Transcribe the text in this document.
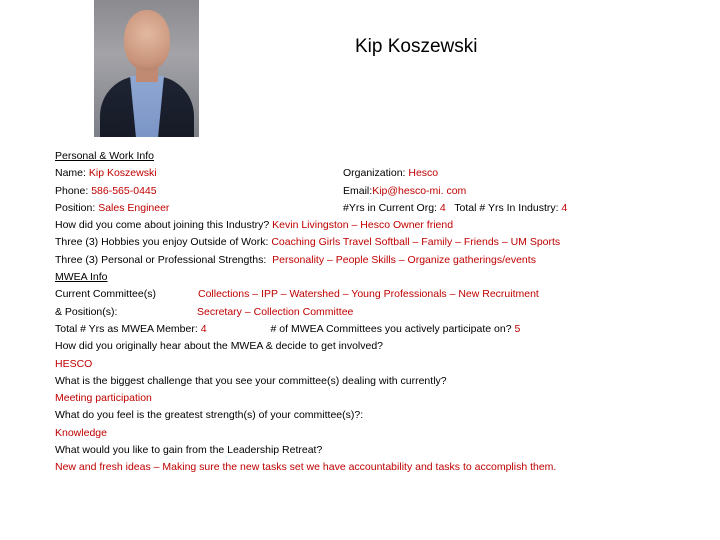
Kip Koszewski
Personal & Work Info
Name: Kip Koszewski	Organization: Hesco
Phone: 586-565-0445	Email:Kip@hesco-mi. com
Position: Sales Engineer	#Yrs in Current Org: 4 Total # Yrs In Industry: 4
How did you come about joining this Industry? Kevin Livingston – Hesco Owner friend
Three (3) Hobbies you enjoy Outside of Work: Coaching Girls Travel Softball – Family – Friends – UM Sports
Three (3) Personal or Professional Strengths: Personality – People Skills – Organize gatherings/events
MWEA Info
Current Committee(s)	Collections – IPP – Watershed – Young Professionals – New Recruitment
& Position(s):	Secretary – Collection Committee
Total # Yrs as MWEA Member: 4	# of MWEA Committees you actively participate on? 5
How did you originally hear about the MWEA & decide to get involved?
HESCO
What is the biggest challenge that you see your committee(s) dealing with currently?
Meeting participation
What do you feel is the greatest strength(s) of your committee(s)?:
Knowledge
What would you like to gain from the Leadership Retreat?
New and fresh ideas – Making sure the new tasks set we have accountability and tasks to accomplish them.
